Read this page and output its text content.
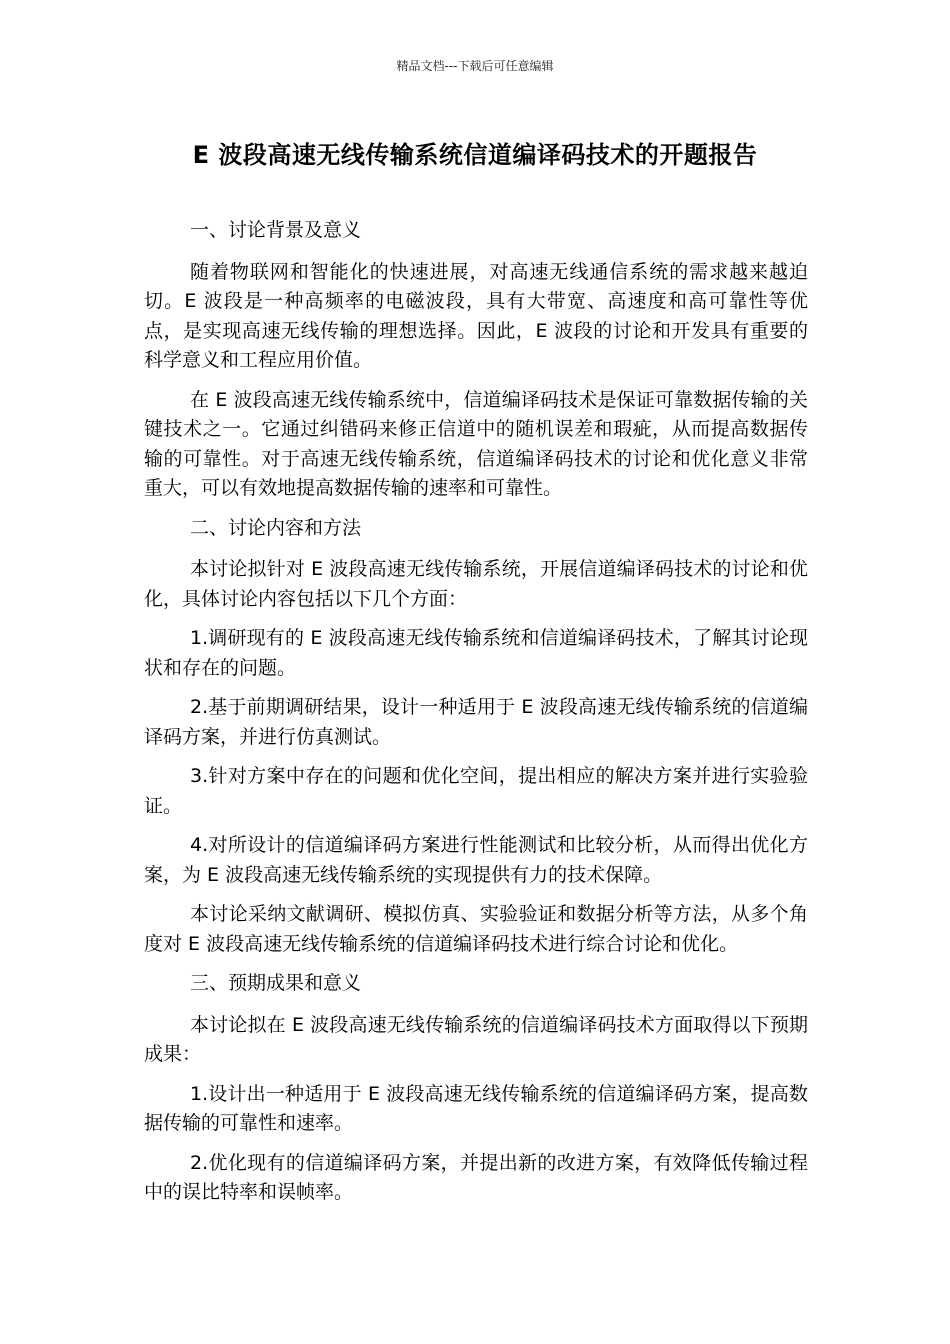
精品文档---下载后可任意编辑
E 波段高速无线传输系统信道编译码技术的开题报告

一、讨论背景及意义

随着物联网和智能化的快速进展，对高速无线通信系统的需求越来越迫切。E 波段是一种高频率的电磁波段，具有大带宽、高速度和高可靠性等优点，是实现高速无线传输的理想选择。因此，E 波段的讨论和开发具有重要的科学意义和工程应用价值。

在 E 波段高速无线传输系统中，信道编译码技术是保证可靠数据传输的关键技术之一。它通过纠错码来修正信道中的随机误差和瑕疵，从而提高数据传输的可靠性。对于高速无线传输系统，信道编译码技术的讨论和优化意义非常重大，可以有效地提高数据传输的速率和可靠性。

二、讨论内容和方法

本讨论拟针对 E 波段高速无线传输系统，开展信道编译码技术的讨论和优化，具体讨论内容包括以下几个方面：

1.调研现有的 E 波段高速无线传输系统和信道编译码技术，了解其讨论现状和存在的问题。

2.基于前期调研结果，设计一种适用于 E 波段高速无线传输系统的信道编译码方案，并进行仿真测试。

3.针对方案中存在的问题和优化空间，提出相应的解决方案并进行实验验证。

4.对所设计的信道编译码方案进行性能测试和比较分析，从而得出优化方案，为 E 波段高速无线传输系统的实现提供有力的技术保障。

本讨论采纳文献调研、模拟仿真、实验验证和数据分析等方法，从多个角度对 E 波段高速无线传输系统的信道编译码技术进行综合讨论和优化。

三、预期成果和意义

本讨论拟在 E 波段高速无线传输系统的信道编译码技术方面取得以下预期成果：

1.设计出一种适用于 E 波段高速无线传输系统的信道编译码方案，提高数据传输的可靠性和速率。

2.优化现有的信道编译码方案，并提出新的改进方案，有效降低传输过程中的误比特率和误帧率。
